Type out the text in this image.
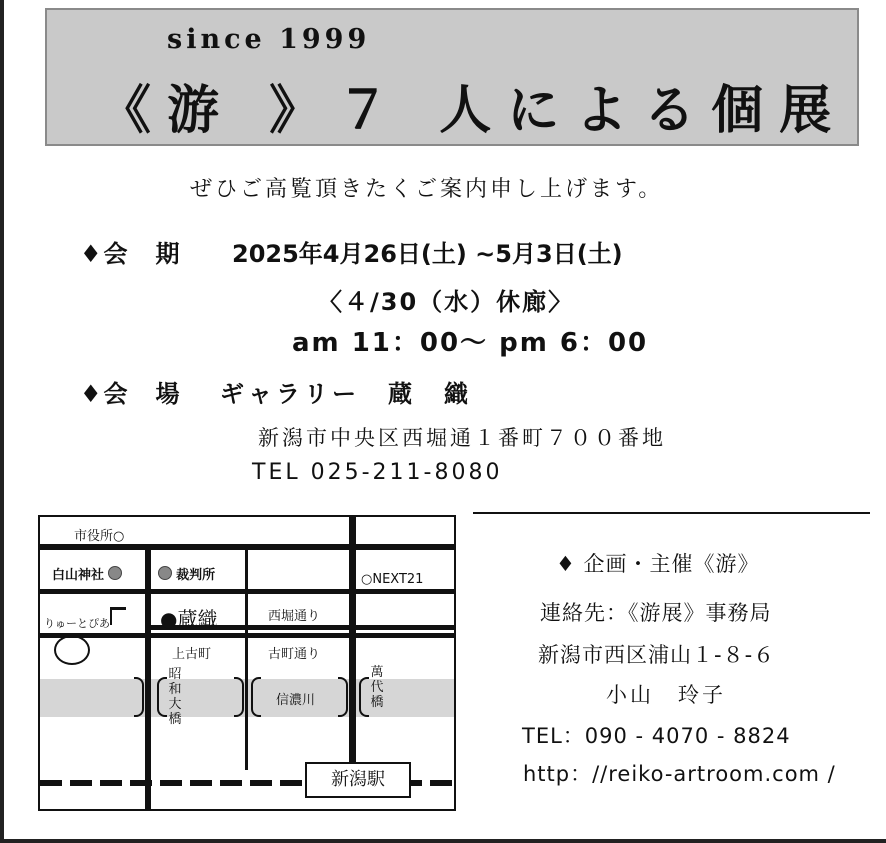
since 1999
《游 》７ 人による個展
ぜひご高覧頂きたくご案内申し上げます。
♦会　期 2025年4月26日(土) ~5月3日(土)
〈４/30（水）休廊〉
am 11：00〜 pm 6：00
♦会　場 ギャラリー　蔵　織
新潟市中央区西堀通１番町７００番地
TEL 025-211-8080
市役所○
白山神社	裁判所	○NEXT21
りゅーとぴあ	●蔵織	西堀通り
上古町	古町通り
昭和大橋
信濃川
萬代橋
新潟駅
♦ 企画・主催《游》
連絡先：《游展》事務局
新潟市西区浦山１-８-６
小山　玲子
TEL：090 - 4070 - 8824
http：//reiko-artroom.com /
